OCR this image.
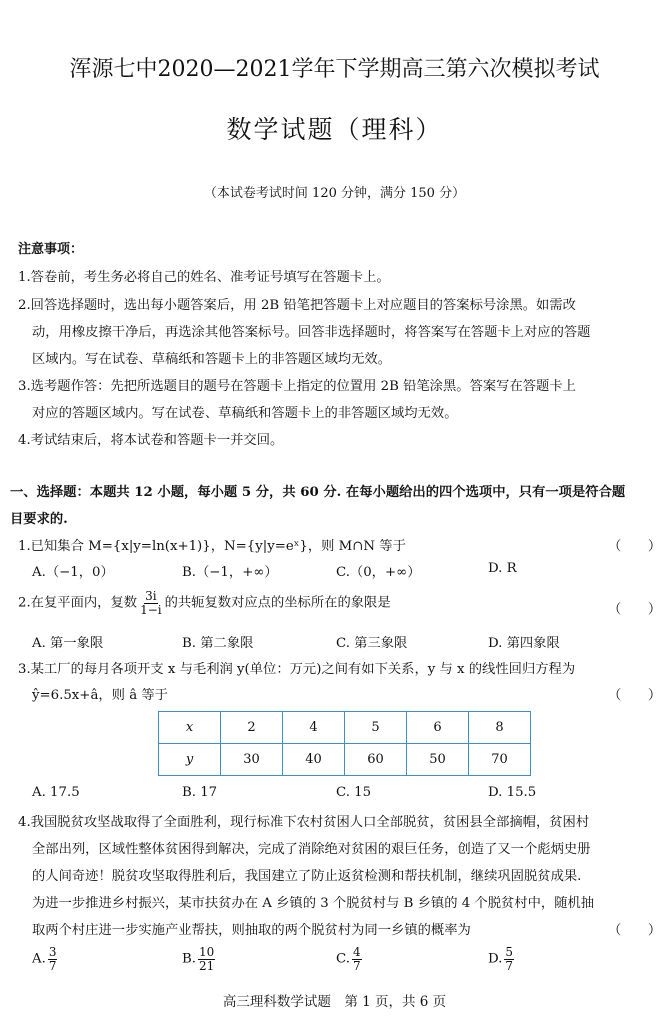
浑源七中2020—2021学年下学期高三第六次模拟考试
数学试题（理科）
（本试卷考试时间 120 分钟，满分 150 分）
注意事项：
1.答卷前，考生务必将自己的姓名、准考证号填写在答题卡上。
2.回答选择题时，选出每小题答案后，用 2B 铅笔把答题卡上对应题目的答案标号涂黑。如需改
动，用橡皮擦干净后，再选涂其他答案标号。回答非选择题时，将答案写在答题卡上对应的答题
区域内。写在试卷、草稿纸和答题卡上的非答题区域均无效。
3.选考题作答：先把所选题目的题号在答题卡上指定的位置用 2B 铅笔涂黑。答案写在答题卡上
对应的答题区域内。写在试卷、草稿纸和答题卡上的非答题区域均无效。
4.考试结束后，将本试卷和答题卡一并交回。
一、选择题：本题共 12 小题，每小题 5 分，共 60 分. 在每小题给出的四个选项中，只有一项是符合题
目要求的.
1.已知集合 M={x|y=ln(x+1)}，N={y|y=eˣ}，则 M∩N 等于	（　　）
A.（−1，0）	B.（−1，+∞）	C.（0，+∞）	D. R
2.在复平面内，复数 $\frac{3i}{1-i}$ 的共轭复数对应点的坐标所在的象限是	（　　）
A. 第一象限	B. 第二象限	C. 第三象限	D. 第四象限
3.某工厂的每月各项开支 x 与毛利润 y(单位：万元)之间有如下关系，y 与 x 的线性回归方程为
ŷ=6.5x+â，则 â 等于	（　　）
x	2	4	5	6	8
y	30	40	60	50	70
A. 17.5	B. 17	C. 15	D. 15.5
4.我国脱贫攻坚战取得了全面胜利，现行标准下农村贫困人口全部脱贫，贫困县全部摘帽，贫困村
全部出列，区域性整体贫困得到解决，完成了消除绝对贫困的艰巨任务，创造了又一个彪炳史册
的人间奇迹！脱贫攻坚取得胜利后，我国建立了防止返贫检测和帮扶机制，继续巩固脱贫成果.
为进一步推进乡村振兴，某市扶贫办在 A 乡镇的 3 个脱贫村与 B 乡镇的 4 个脱贫村中，随机抽
取两个村庄进一步实施产业帮扶，则抽取的两个脱贫村为同一乡镇的概率为	（　　）
A. $\frac{3}{7}$	B. $\frac{10}{21}$	C. $\frac{4}{7}$	D. $\frac{5}{7}$
高三理科数学试题　第 1 页，共 6 页
